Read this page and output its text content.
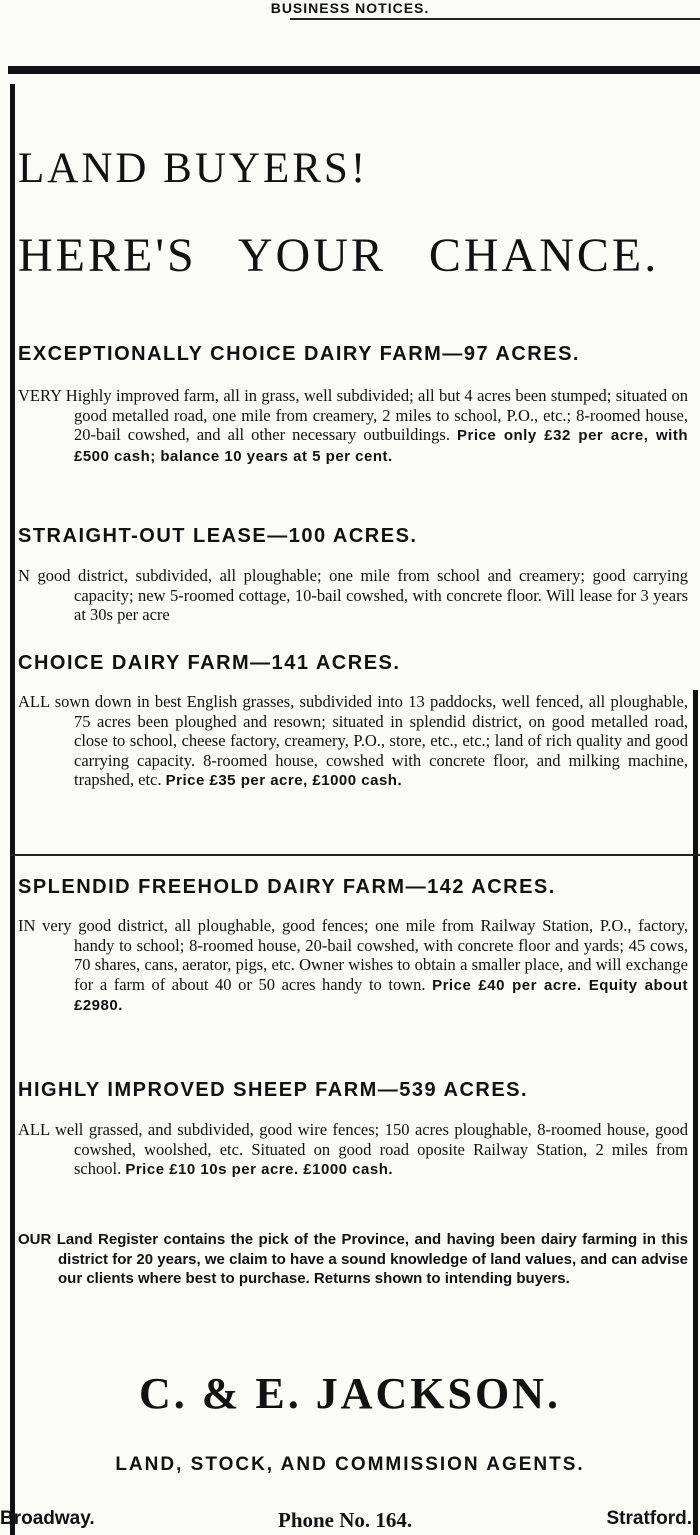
BUSINESS NOTICES.
LAND BUYERS!
HERE'S YOUR CHANCE.
EXCEPTIONALLY CHOICE DAIRY FARM—97 ACRES.

VERY Highly improved farm, all in grass, well subdivided; all but 4 acres been stumped; situated on good metalled road, one mile from creamery, 2 miles to school, P.O., etc.; 8-roomed house, 20-bail cowshed, and all other necessary outbuildings. Price only £32 per acre, with £500 cash; balance 10 years at 5 per cent.

STRAIGHT-OUT LEASE—100 ACRES.

N good district, subdivided, all ploughable; one mile from school and creamery; good carrying capacity; new 5-roomed cottage, 10-bail cowshed, with concrete floor. Will lease for 3 years at 30s per acre

CHOICE DAIRY FARM—141 ACRES.

ALL sown down in best English grasses, subdivided into 13 paddocks, well fenced, all ploughable, 75 acres been ploughed and resown; situated in splendid district, on good metalled road, close to school, cheese factory, creamery, P.O., store, etc., etc.; land of rich quality and good carrying capacity. 8-roomed house, cowshed with concrete floor, and milking machine, trapshed, etc. Price £35 per acre, £1000 cash.

SPLENDID FREEHOLD DAIRY FARM—142 ACRES.

IN very good district, all ploughable, good fences; one mile from Railway Station, P.O., factory, handy to school; 8-roomed house, 20-bail cowshed, with concrete floor and yards; 45 cows, 70 shares, cans, aerator, pigs, etc. Owner wishes to obtain a smaller place, and will exchange for a farm of about 40 or 50 acres handy to town. Price £40 per acre. Equity about £2980.

HIGHLY IMPROVED SHEEP FARM—539 ACRES.

ALL well grassed, and subdivided, good wire fences; 150 acres ploughable, 8-roomed house, good cowshed, woolshed, etc. Situated on good road oposite Railway Station, 2 miles from school. Price £10 10s per acre. £1000 cash.

OUR Land Register contains the pick of the Province, and having been dairy farming in this district for 20 years, we claim to have a sound knowledge of land values, and can advise our clients where best to purchase. Returns shown to intending buyers.

C. & E. JACKSON.
LAND, STOCK, AND COMMISSION AGENTS.
Broadway.	Phone No. 164.	Stratford.
